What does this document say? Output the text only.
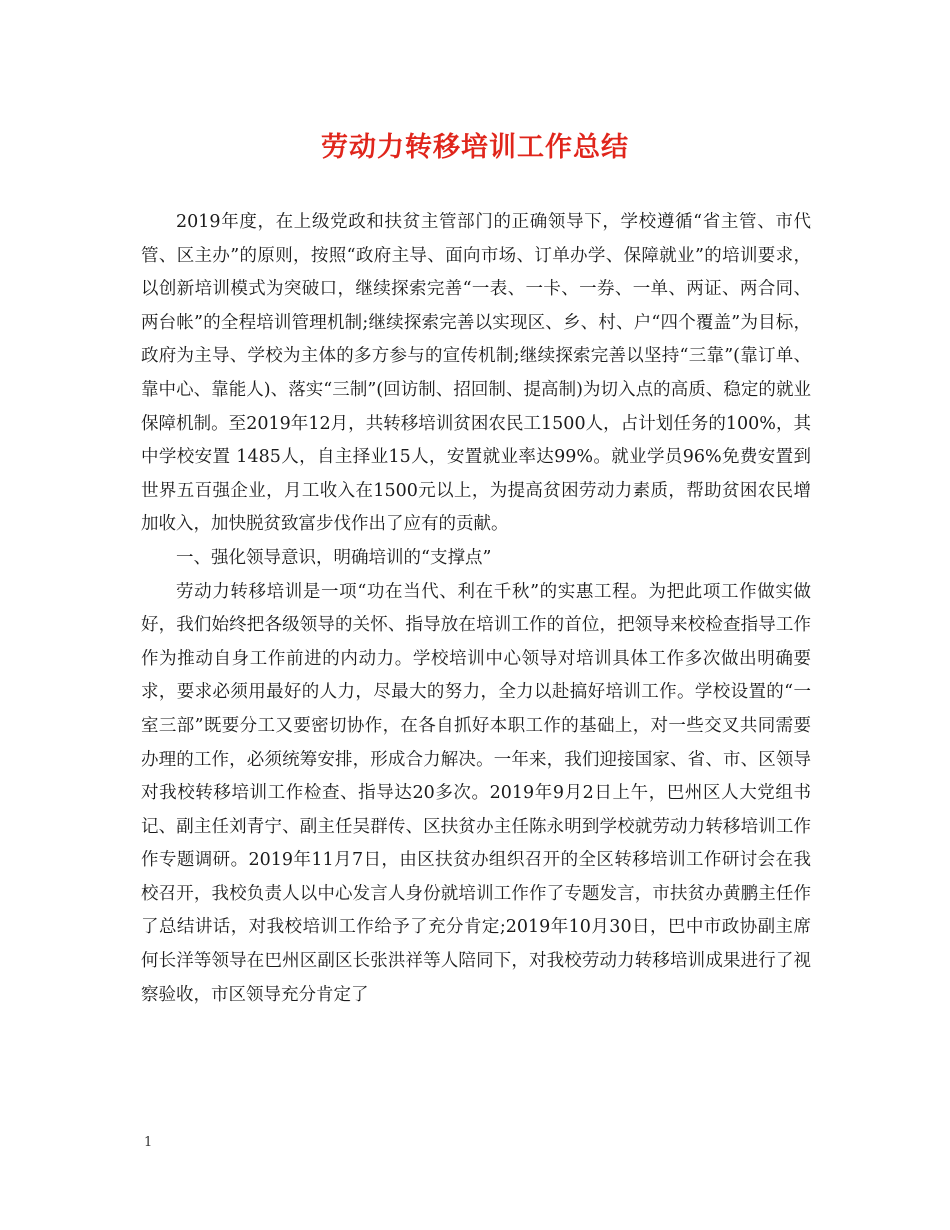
劳动力转移培训工作总结

2019年度，在上级党政和扶贫主管部门的正确领导下，学校遵循“省主管、市代管、区主办”的原则，按照“政府主导、面向市场、订单办学、保障就业”的培训要求，以创新培训模式为突破口，继续探索完善“一表、一卡、一券、一单、两证、两合同、两台帐”的全程培训管理机制;继续探索完善以实现区、乡、村、户“四个覆盖”为目标，政府为主导、学校为主体的多方参与的宣传机制;继续探索完善以坚持“三靠”(靠订单、靠中心、靠能人)、落实“三制”(回访制、招回制、提高制)为切入点的高质、稳定的就业保障机制。至2019年12月，共转移培训贫困农民工1500人，占计划任务的100%，其中学校安置 1485人，自主择业15人，安置就业率达99%。就业学员96%免费安置到世界五百强企业，月工收入在1500元以上，为提高贫困劳动力素质，帮助贫困农民增加收入，加快脱贫致富步伐作出了应有的贡献。

一、强化领导意识，明确培训的“支撑点”

劳动力转移培训是一项“功在当代、利在千秋”的实惠工程。为把此项工作做实做好，我们始终把各级领导的关怀、指导放在培训工作的首位，把领导来校检查指导工作作为推动自身工作前进的内动力。学校培训中心领导对培训具体工作多次做出明确要求，要求必须用最好的人力，尽最大的努力，全力以赴搞好培训工作。学校设置的“一室三部”既要分工又要密切协作，在各自抓好本职工作的基础上，对一些交叉共同需要办理的工作，必须统筹安排，形成合力解决。一年来，我们迎接国家、省、市、区领导对我校转移培训工作检查、指导达20多次。2019年9月2日上午，巴州区人大党组书记、副主任刘青宁、副主任吴群传、区扶贫办主任陈永明到学校就劳动力转移培训工作作专题调研。2019年11月7日，由区扶贫办组织召开的全区转移培训工作研讨会在我校召开，我校负责人以中心发言人身份就培训工作作了专题发言，市扶贫办黄鹏主任作了总结讲话，对我校培训工作给予了充分肯定;2019年10月30日，巴中市政协副主席何长洋等领导在巴州区副区长张洪祥等人陪同下，对我校劳动力转移培训成果进行了视察验收，市区领导充分肯定了

1
